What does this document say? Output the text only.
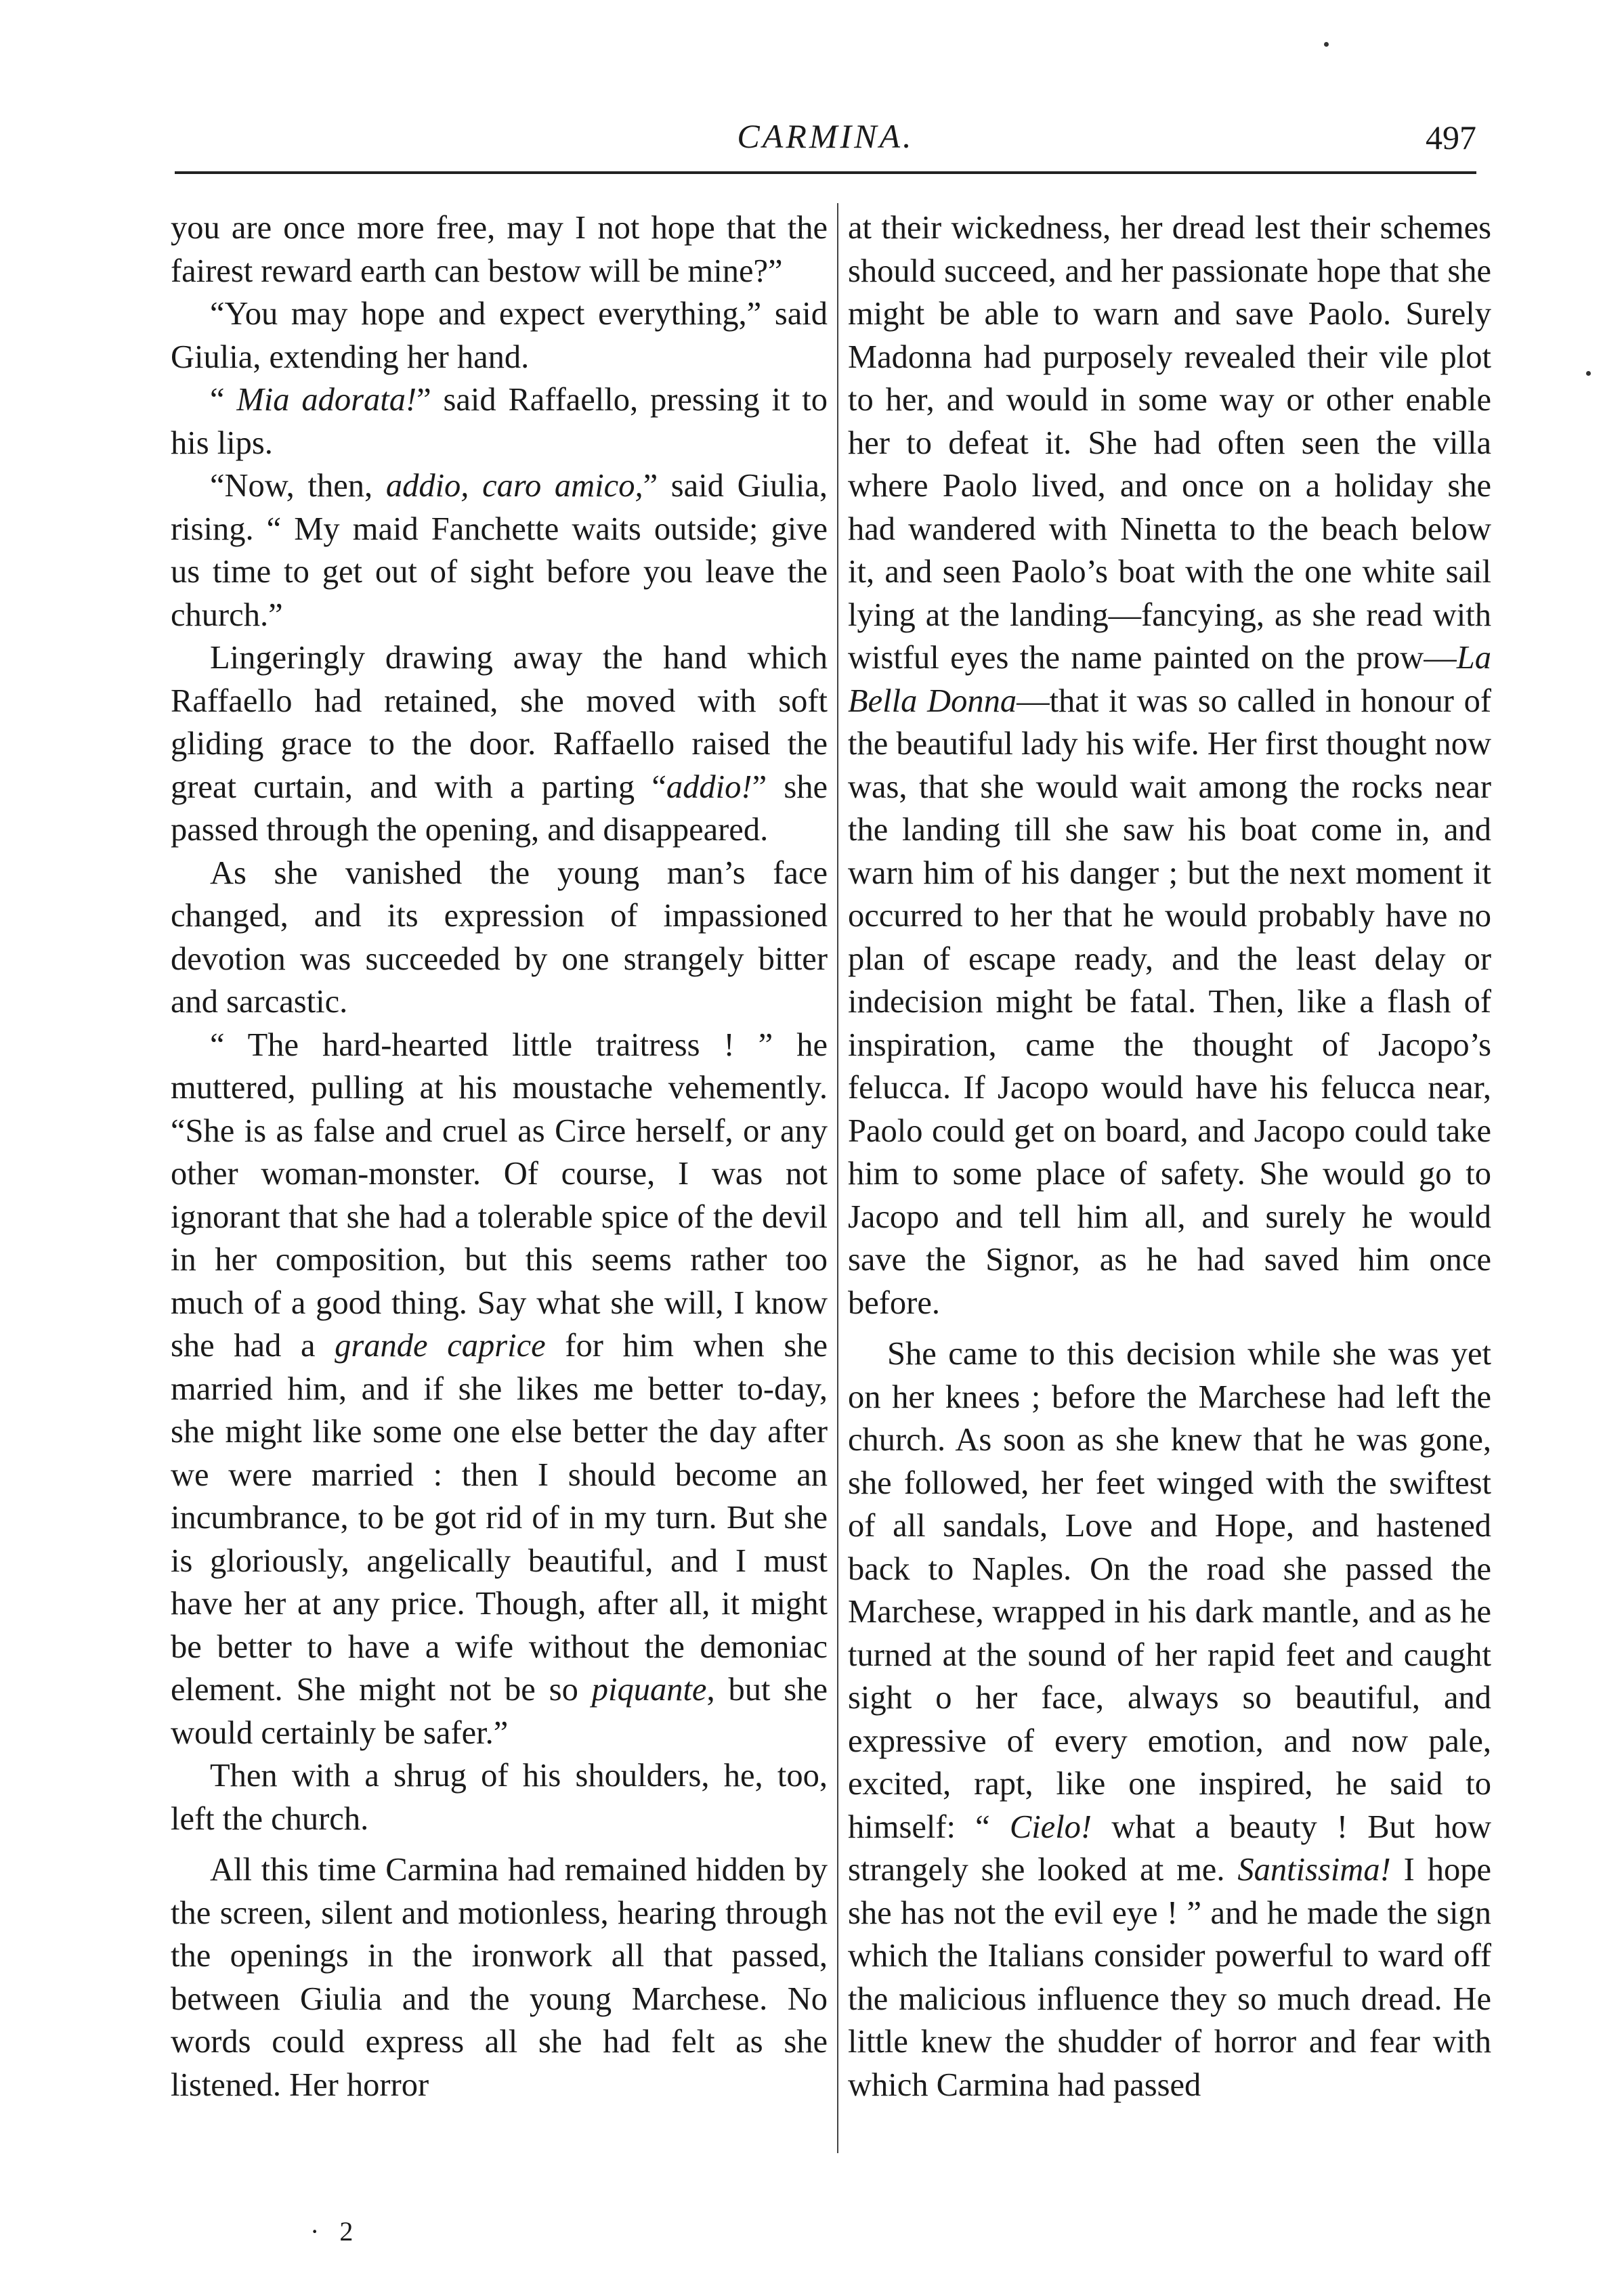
CARMINA.	497

you are once more free, may I not hope that the fairest reward earth can bestow will be mine?”

“You may hope and expect everything,” said Giulia, extending her hand.

“ Mia adorata!” said Raffaello, pressing it to his lips.

“Now, then, addio, caro amico,” said Giulia, rising. “ My maid Fanchette waits outside; give us time to get out of sight before you leave the church.”

Lingeringly drawing away the hand which Raffaello had retained, she moved with soft gliding grace to the door. Raffaello raised the great curtain, and with a parting “addio!” she passed through the opening, and disappeared.

As she vanished the young man’s face changed, and its expression of impassioned devotion was succeeded by one strangely bitter and sarcastic.

“ The hard-hearted little traitress ! ” he muttered, pulling at his moustache vehemently. “She is as false and cruel as Circe herself, or any other woman-monster. Of course, I was not ignorant that she had a tolerable spice of the devil in her composition, but this seems rather too much of a good thing. Say what she will, I know she had a grande caprice for him when she married him, and if she likes me better to-day, she might like some one else better the day after we were married : then I should become an incumbrance, to be got rid of in my turn. But she is gloriously, angelically beautiful, and I must have her at any price. Though, after all, it might be better to have a wife without the demoniac element. She might not be so piquante, but she would certainly be safer.”

Then with a shrug of his shoulders, he, too, left the church.

All this time Carmina had remained hidden by the screen, silent and motionless, hearing through the openings in the ironwork all that passed, between Giulia and the young Marchese. No words could express all she had felt as she listened. Her horror

at their wickedness, her dread lest their schemes should succeed, and her passionate hope that she might be able to warn and save Paolo. Surely Madonna had purposely revealed their vile plot to her, and would in some way or other enable her to defeat it. She had often seen the villa where Paolo lived, and once on a holiday she had wandered with Ninetta to the beach below it, and seen Paolo’s boat with the one white sail lying at the landing—fancying, as she read with wistful eyes the name painted on the prow—La Bella Donna—that it was so called in honour of the beautiful lady his wife. Her first thought now was, that she would wait among the rocks near the landing till she saw his boat come in, and warn him of his danger ; but the next moment it occurred to her that he would probably have no plan of escape ready, and the least delay or indecision might be fatal. Then, like a flash of inspiration, came the thought of Jacopo’s felucca. If Jacopo would have his felucca near, Paolo could get on board, and Jacopo could take him to some place of safety. She would go to Jacopo and tell him all, and surely he would save the Signor, as he had saved him once before.

She came to this decision while she was yet on her knees ; before the Marchese had left the church. As soon as she knew that he was gone, she followed, her feet winged with the swiftest of all sandals, Love and Hope, and hastened back to Naples. On the road she passed the Marchese, wrapped in his dark mantle, and as he turned at the sound of her rapid feet and caught sight o her face, always so beautiful, and expressive of every emotion, and now pale, excited, rapt, like one inspired, he said to himself: “ Cielo! what a beauty ! But how strangely she looked at me. Santissima! I hope she has not the evil eye ! ” and he made the sign which the Italians consider powerful to ward off the malicious influence they so much dread. He little knew the shudder of horror and fear with which Carmina had passed

·   2
